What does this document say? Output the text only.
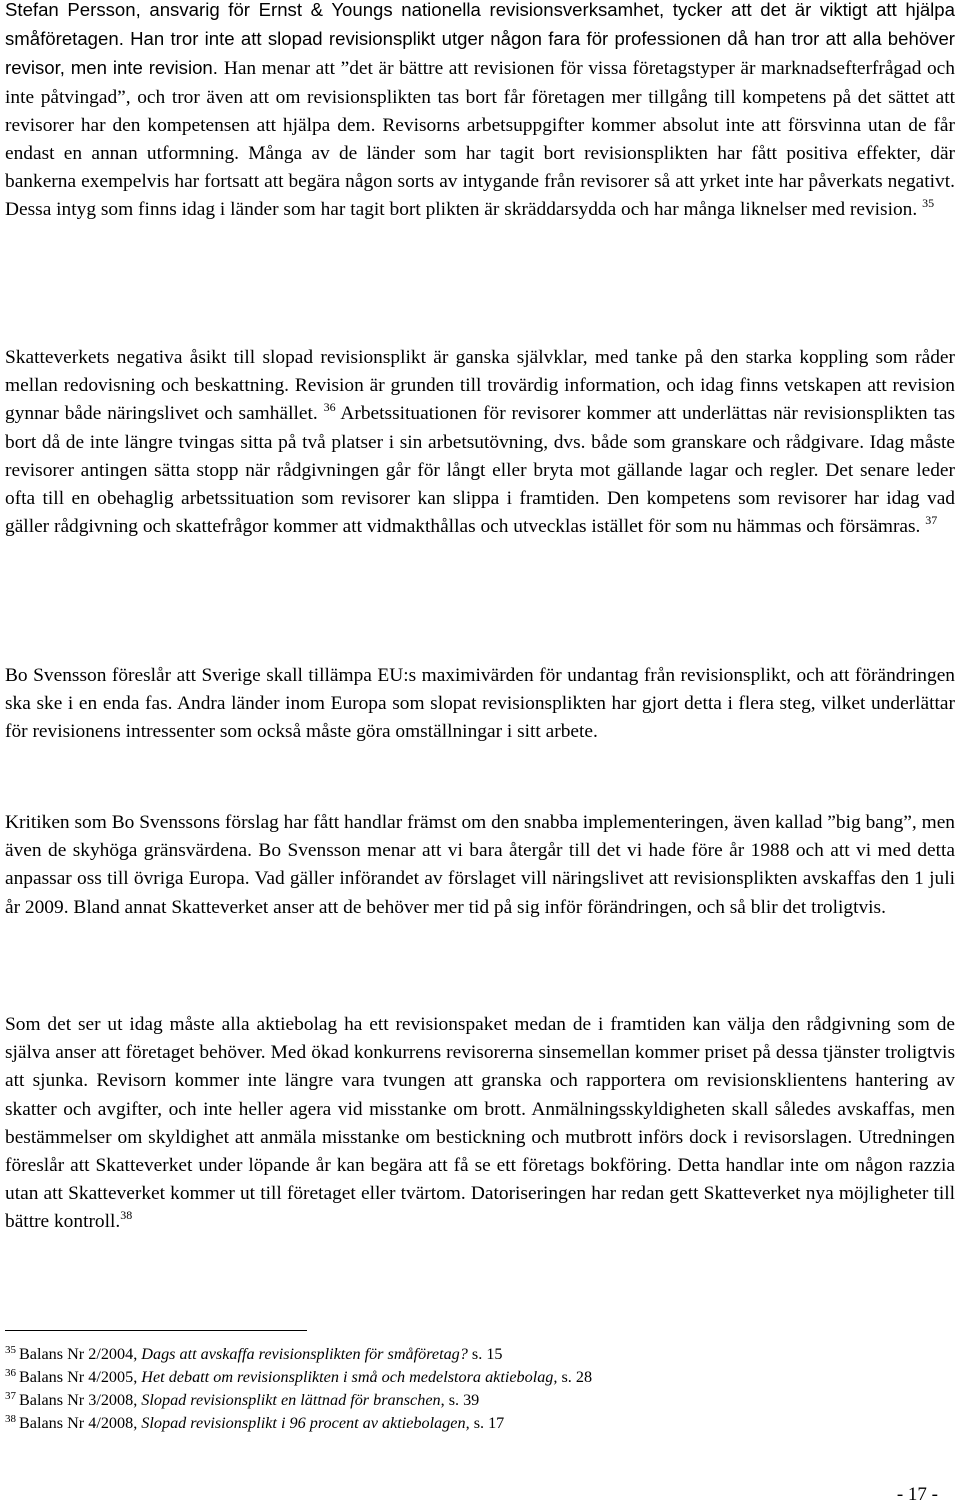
Stefan Persson, ansvarig för Ernst & Youngs nationella revisionsverksamhet, tycker att det är viktigt att hjälpa småföretagen. Han tror inte att slopad revisionsplikt utger någon fara för professionen då han tror att alla behöver revisor, men inte revision. Han menar att ”det är bättre att revisionen för vissa företagstyper är marknadsefterfrågad och inte påtvingad”, och tror även att om revisionsplikten tas bort får företagen mer tillgång till kompetens på det sättet att revisorer har den kompetensen att hjälpa dem. Revisorns arbetsuppgifter kommer absolut inte att försvinna utan de får endast en annan utformning. Många av de länder som har tagit bort revisionsplikten har fått positiva effekter, där bankerna exempelvis har fortsatt att begära någon sorts av intygande från revisorer så att yrket inte har påverkats negativt. Dessa intyg som finns idag i länder som har tagit bort plikten är skräddarsydda och har många liknelser med revision. $^{35}$

Skatteverkets negativa åsikt till slopad revisionsplikt är ganska självklar, med tanke på den starka koppling som råder mellan redovisning och beskattning. Revision är grunden till trovärdig information, och idag finns vetskapen att revision gynnar både näringslivet och samhället. $^{36}$ Arbetssituationen för revisorer kommer att underlättas när revisionsplikten tas bort då de inte längre tvingas sitta på två platser i sin arbetsutövning, dvs. både som granskare och rådgivare. Idag måste revisorer antingen sätta stopp när rådgivningen går för långt eller bryta mot gällande lagar och regler. Det senare leder ofta till en obehaglig arbetssituation som revisorer kan slippa i framtiden. Den kompetens som revisorer har idag vad gäller rådgivning och skattefrågor kommer att vidmakthållas och utvecklas istället för som nu hämmas och försämras. $^{37}$

Bo Svensson föreslår att Sverige skall tillämpa EU:s maximivärden för undantag från revisionsplikt, och att förändringen ska ske i en enda fas. Andra länder inom Europa som slopat revisionsplikten har gjort detta i flera steg, vilket underlättar för revisionens intressenter som också måste göra omställningar i sitt arbete.

Kritiken som Bo Svenssons förslag har fått handlar främst om den snabba implementeringen, även kallad ”big bang”, men även de skyhöga gränsvärdena. Bo Svensson menar att vi bara återgår till det vi hade före år 1988 och att vi med detta anpassar oss till övriga Europa. Vad gäller införandet av förslaget vill näringslivet att revisionsplikten avskaffas den 1 juli år 2009. Bland annat Skatteverket anser att de behöver mer tid på sig inför förändringen, och så blir det troligtvis.

Som det ser ut idag måste alla aktiebolag ha ett revisionspaket medan de i framtiden kan välja den rådgivning som de själva anser att företaget behöver. Med ökad konkurrens revisorerna sinsemellan kommer priset på dessa tjänster troligtvis att sjunka. Revisorn kommer inte längre vara tvungen att granska och rapportera om revisionsklientens hantering av skatter och avgifter, och inte heller agera vid misstanke om brott. Anmälningsskyldigheten skall således avskaffas, men bestämmelser om skyldighet att anmäla misstanke om bestickning och mutbrott införs dock i revisorslagen. Utredningen föreslår att Skatteverket under löpande år kan begära att få se ett företags bokföring. Detta handlar inte om någon razzia utan att Skatteverket kommer ut till företaget eller tvärtom. Datoriseringen har redan gett Skatteverket nya möjligheter till bättre kontroll.$^{38}$

$^{35}$ Balans Nr 2/2004, Dags att avskaffa revisionsplikten för småföretag? s. 15

$^{36}$ Balans Nr 4/2005, Het debatt om revisionsplikten i små och medelstora aktiebolag, s. 28

$^{37}$ Balans Nr 3/2008, Slopad revisionsplikt en lättnad för branschen, s. 39

$^{38}$ Balans Nr 4/2008, Slopad revisionsplikt i 96 procent av aktiebolagen, s. 17

- 17 -
